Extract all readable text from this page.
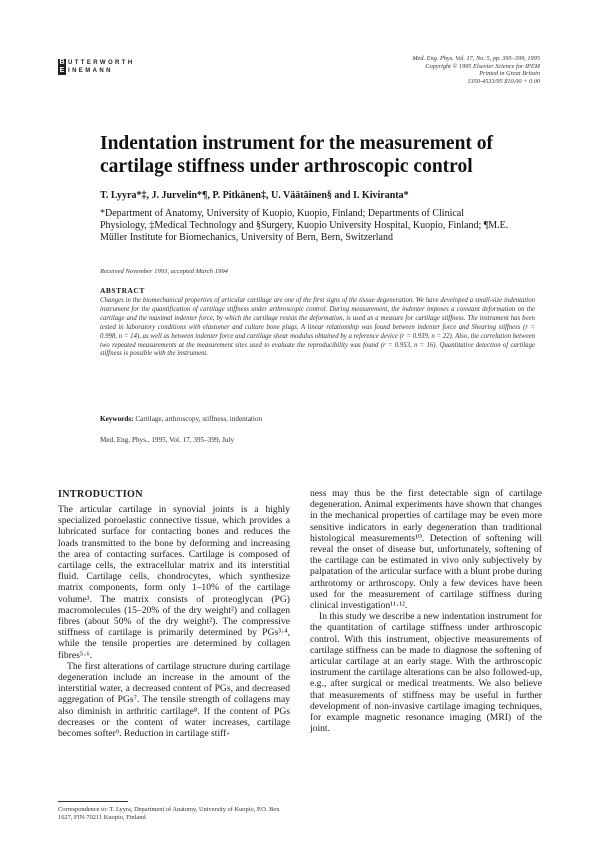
B UTTERWORTH
E INEMANN
Med. Eng. Phys. Vol. 17, No. 5, pp. 395–399, 1995
Copyright © 1995 Elsevier Science for IPEM
Printed in Great Britain
1350-4533/95 $10.00 + 0.00
Indentation instrument for the measurement of cartilage stiffness under arthroscopic control
T. Lyyra*‡, J. Jurvelin*¶, P. Pitkänen‡, U. Väätäinen§ and I. Kiviranta*
*Department of Anatomy, University of Kuopio, Kuopio, Finland; Departments of Clinical Physiology, ‡Medical Technology and §Surgery, Kuopio University Hospital, Kuopio, Finland; ¶M.E. Müller Institute for Biomechanics, University of Bern, Bern, Switzerland
Received November 1993, accepted March 1994
ABSTRACT
Changes in the biomechanical properties of articular cartilage are one of the first signs of the tissue degeneration. We have developed a small-size indentation instrument for the quantification of cartilage stiffness under arthroscopic control. During measurement, the indenter imposes a constant deformation on the cartilage and the maximal indenter force, by which the cartilage resists the deformation, is used as a measure for cartilage stiffness. The instrument has been tested in laboratory conditions with elastomer and culture bone plugs. A linear relationship was found between indenter force and Shearing stiffness (r = 0.998, n = 14), as well as between indenter force and cartilage shear modulus obtained by a reference device (r = 0.939, n = 22). Also, the correlation between two repeated measurements at the measurement sites used to evaluate the reproducibility was found (r = 0.953, n = 16). Quantitative detection of cartilage stiffness is possible with the instrument.
Keywords: Cartilage, arthroscopy, stiffness, indentation
Med. Eng. Phys., 1995, Vol. 17, 395–399, July
INTRODUCTION

The articular cartilage in synovial joints is a highly specialized poroelastic connective tissue, which provides a lubricated surface for contacting bones and reduces the loads transmitted to the bone by deforming and increasing the area of contacting surfaces. Cartilage is composed of cartilage cells, the extracellular matrix and its interstitial fluid. Cartilage cells, chondrocytes, which synthesize matrix components, form only 1–10% of the cartilage volume¹. The matrix consists of proteoglycan (PG) macromolecules (15–20% of the dry weight²) and collagen fibres (about 50% of the dry weight²). The compressive stiffness of cartilage is primarily determined by PGs³·⁴, while the tensile properties are determined by collagen fibres⁵·⁶.

The first alterations of cartilage structure during cartilage degeneration include an increase in the amount of the interstitial water, a decreased content of PGs, and decreased aggregation of PGs⁷. The tensile strength of collagens may also diminish in arthritic cartilage⁸. If the content of PGs decreases or the content of water increases, cartilage becomes softer⁹. Reduction in cartilage stiff-

ness may thus be the first detectable sign of cartilage degeneration. Animal experiments have shown that changes in the mechanical properties of cartilage may be even more sensitive indicators in early degeneration than traditional histological measurements¹⁰. Detection of softening will reveal the onset of disease but, unfortunately, softening of the cartilage can be estimated in vivo only subjectively by palpatation of the articular surface with a blunt probe during arthrotomy or arthroscopy. Only a few devices have been used for the measurement of cartilage stiffness during clinical investigation¹¹·¹².

In this study we describe a new indentation instrument for the quantitation of cartilage stiffness under arthroscopic control. With this instrument, objective measurements of cartilage stiffness can be made to diagnose the softening of articular cartilage at an early stage. With the arthroscopic instrument the cartilage alterations can be also followed-up, e.g., after surgical or medical treatments. We also believe that measurements of stiffness may be useful in further development of non-invasive cartilage imaging techniques, for example magnetic resonance imaging (MRI) of the joint.

Correspondence to: T. Lyyra, Department of Anatomy, University of Kuopio, P.O. Box 1627, FIN-70211 Kuopio, Finland
